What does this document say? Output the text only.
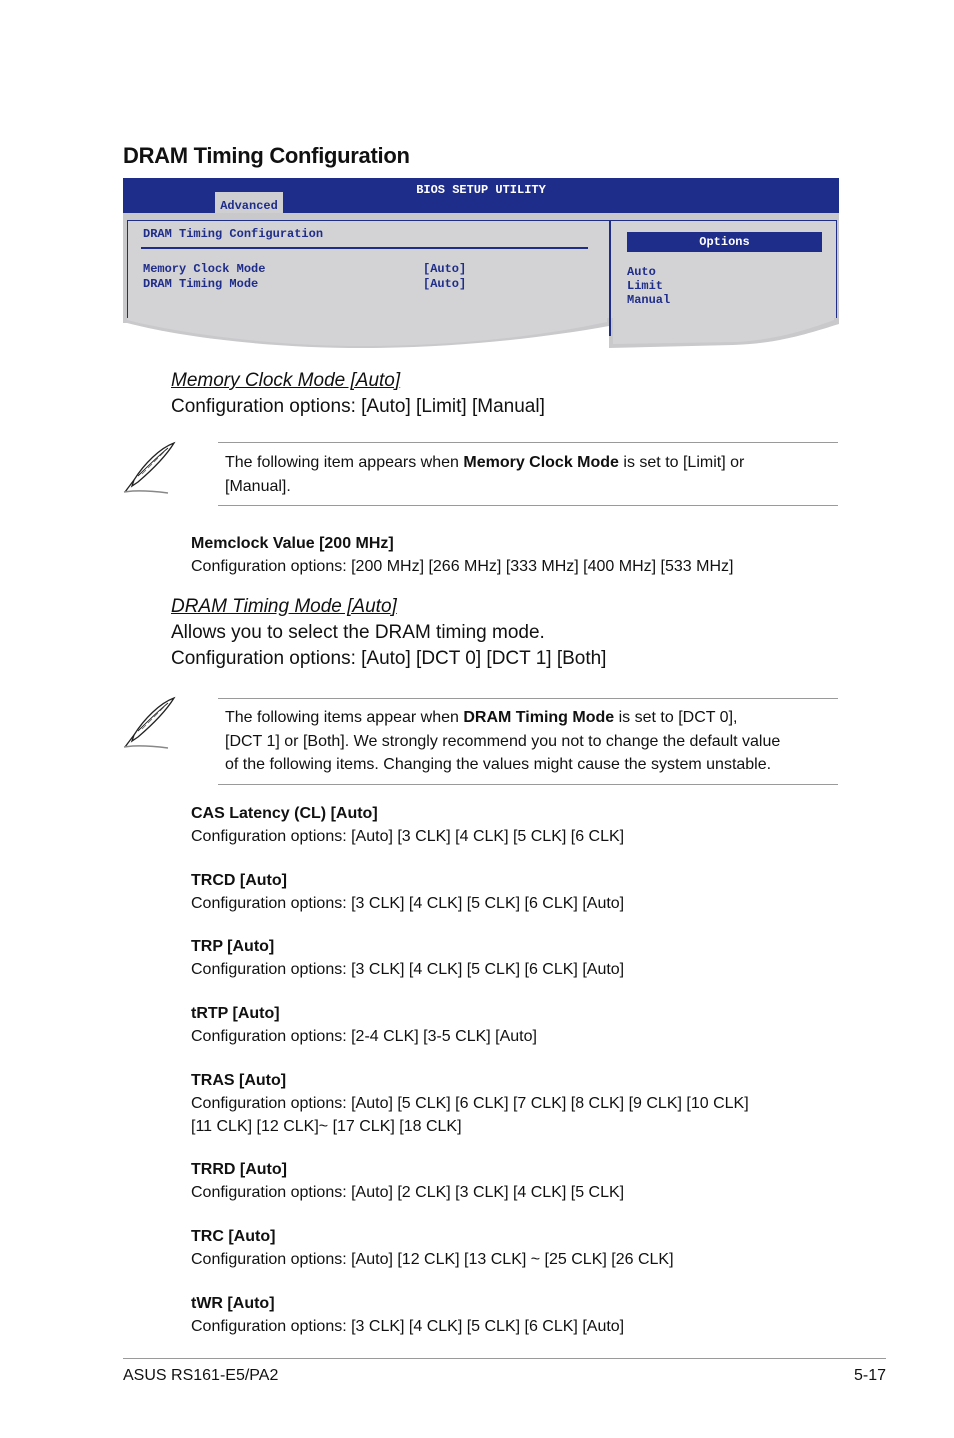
DRAM Timing Configuration
BIOS SETUP UTILITY
Advanced
DRAM Timing Configuration
Memory Clock Mode	[Auto]
DRAM Timing Mode	[Auto]
Options
Auto
Limit
Manual
Memory Clock Mode [Auto]
Configuration options: [Auto] [Limit] [Manual]
The following item appears when Memory Clock Mode is set to [Limit] or
[Manual].
Memclock Value [200 MHz]
Configuration options: [200 MHz] [266 MHz] [333 MHz] [400 MHz] [533 MHz]
DRAM Timing Mode [Auto]
Allows you to select the DRAM timing mode.
Configuration options: [Auto] [DCT 0] [DCT 1] [Both]
The following items appear when DRAM Timing Mode is set to [DCT 0],
[DCT 1] or [Both]. We strongly recommend you not to change the default value
of the following items. Changing the values might cause the system unstable.
CAS Latency (CL) [Auto]
Configuration options: [Auto] [3 CLK] [4 CLK] [5 CLK] [6 CLK]
TRCD [Auto]
Configuration options: [3 CLK] [4 CLK] [5 CLK] [6 CLK] [Auto]
TRP [Auto]
Configuration options: [3 CLK] [4 CLK] [5 CLK] [6 CLK] [Auto]
tRTP [Auto]
Configuration options: [2-4 CLK] [3-5 CLK] [Auto]
TRAS [Auto]
Configuration options: [Auto] [5 CLK] [6 CLK] [7 CLK] [8 CLK] [9 CLK] [10 CLK]
[11 CLK] [12 CLK]~ [17 CLK] [18 CLK]
TRRD [Auto]
Configuration options: [Auto] [2 CLK] [3 CLK] [4 CLK] [5 CLK]
TRC [Auto]
Configuration options: [Auto] [12 CLK] [13 CLK] ~ [25 CLK] [26 CLK]
tWR [Auto]
Configuration options: [3 CLK] [4 CLK] [5 CLK] [6 CLK] [Auto]
ASUS RS161-E5/PA2	5-17
